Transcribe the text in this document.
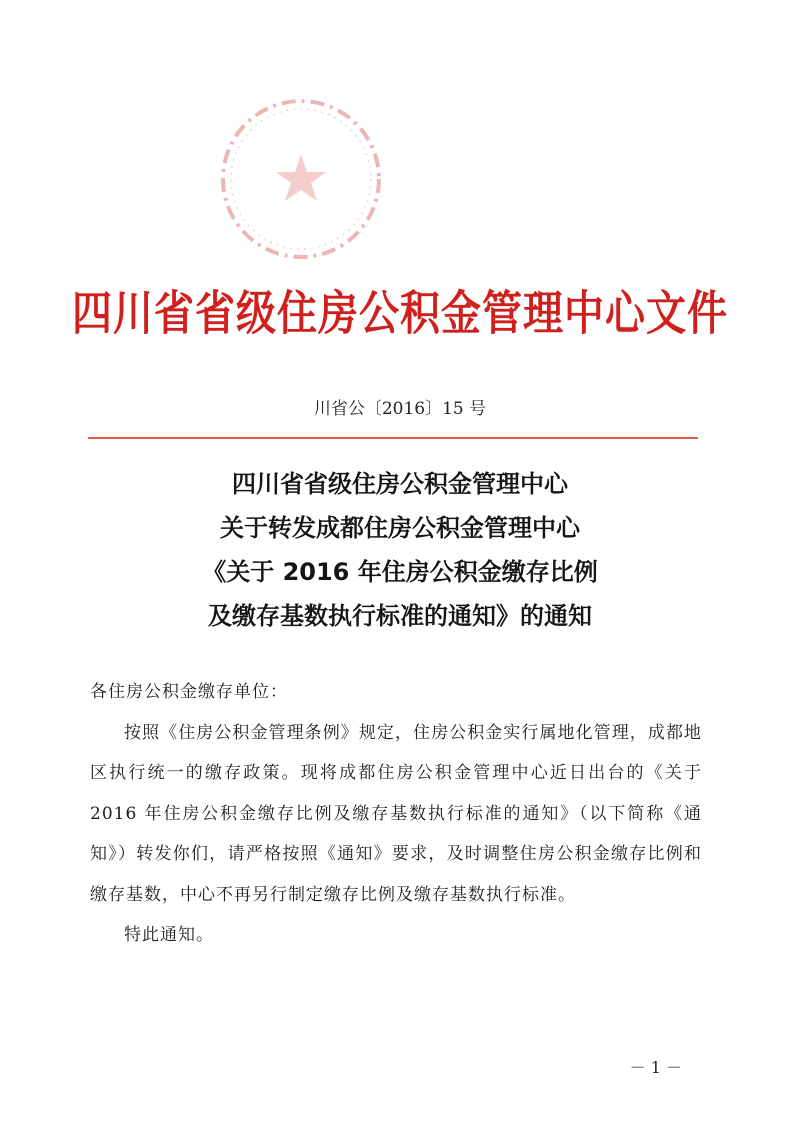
四川省省级住房公积金管理中心文件
川省公〔2016〕15 号
四川省省级住房公积金管理中心
关于转发成都住房公积金管理中心
《关于 2016 年住房公积金缴存比例
及缴存基数执行标准的通知》的通知

各住房公积金缴存单位：

按照《住房公积金管理条例》规定，住房公积金实行属地化管理，成都地区执行统一的缴存政策。现将成都住房公积金管理中心近日出台的《关于 2016 年住房公积金缴存比例及缴存基数执行标准的通知》（以下简称《通知》）转发你们，请严格按照《通知》要求，及时调整住房公积金缴存比例和缴存基数，中心不再另行制定缴存比例及缴存基数执行标准。

特此通知。

－ 1 －
